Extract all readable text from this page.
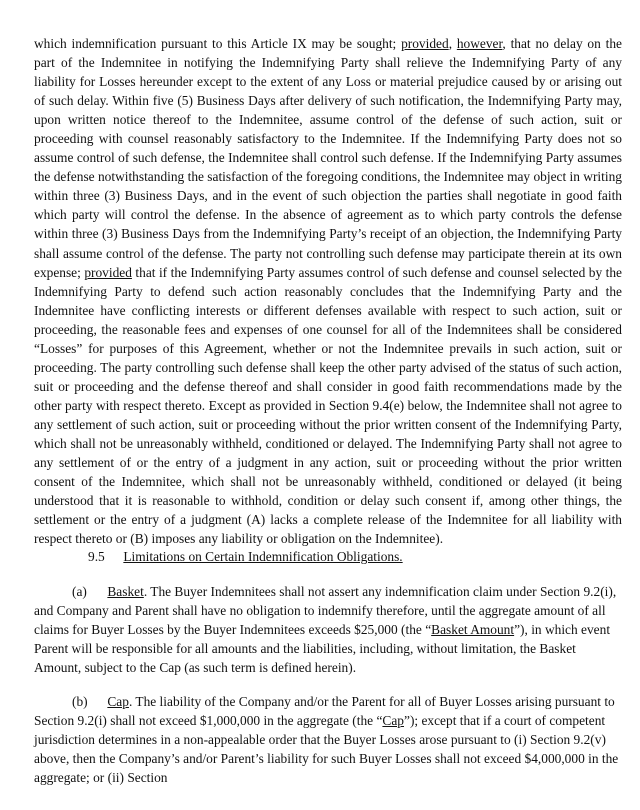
which indemnification pursuant to this Article IX may be sought; provided, however, that no delay on the part of the Indemnitee in notifying the Indemnifying Party shall relieve the Indemnifying Party of any liability for Losses hereunder except to the extent of any Loss or material prejudice caused by or arising out of such delay. Within five (5) Business Days after delivery of such notification, the Indemnifying Party may, upon written notice thereof to the Indemnitee, assume control of the defense of such action, suit or proceeding with counsel reasonably satisfactory to the Indemnitee. If the Indemnifying Party does not so assume control of such defense, the Indemnitee shall control such defense. If the Indemnifying Party assumes the defense notwithstanding the satisfaction of the foregoing conditions, the Indemnitee may object in writing within three (3) Business Days, and in the event of such objection the parties shall negotiate in good faith which party will control the defense. In the absence of agreement as to which party controls the defense within three (3) Business Days from the Indemnifying Party’s receipt of an objection, the Indemnifying Party shall assume control of the defense. The party not controlling such defense may participate therein at its own expense; provided that if the Indemnifying Party assumes control of such defense and counsel selected by the Indemnifying Party to defend such action reasonably concludes that the Indemnifying Party and the Indemnitee have conflicting interests or different defenses available with respect to such action, suit or proceeding, the reasonable fees and expenses of one counsel for all of the Indemnitees shall be considered “Losses” for purposes of this Agreement, whether or not the Indemnitee prevails in such action, suit or proceeding. The party controlling such defense shall keep the other party advised of the status of such action, suit or proceeding and the defense thereof and shall consider in good faith recommendations made by the other party with respect thereto. Except as provided in Section 9.4(e) below, the Indemnitee shall not agree to any settlement of such action, suit or proceeding without the prior written consent of the Indemnifying Party, which shall not be unreasonably withheld, conditioned or delayed. The Indemnifying Party shall not agree to any settlement of or the entry of a judgment in any action, suit or proceeding without the prior written consent of the Indemnitee, which shall not be unreasonably withheld, conditioned or delayed (it being understood that it is reasonable to withhold, condition or delay such consent if, among other things, the settlement or the entry of a judgment (A) lacks a complete release of the Indemnitee for all liability with respect thereto or (B) imposes any liability or obligation on the Indemnitee).

9.5 Limitations on Certain Indemnification Obligations.

(a) Basket. The Buyer Indemnitees shall not assert any indemnification claim under Section 9.2(i), and Company and Parent shall have no obligation to indemnify therefore, until the aggregate amount of all claims for Buyer Losses by the Buyer Indemnitees exceeds $25,000 (the “Basket Amount”), in which event Parent will be responsible for all amounts and the liabilities, including, without limitation, the Basket Amount, subject to the Cap (as such term is defined herein).

(b) Cap. The liability of the Company and/or the Parent for all of Buyer Losses arising pursuant to Section 9.2(i) shall not exceed $1,000,000 in the aggregate (the “Cap”); except that if a court of competent jurisdiction determines in a non-appealable order that the Buyer Losses arose pursuant to (i) Section 9.2(v) above, then the Company’s and/or Parent’s liability for such Buyer Losses shall not exceed $4,000,000 in the aggregate; or (ii) Section
